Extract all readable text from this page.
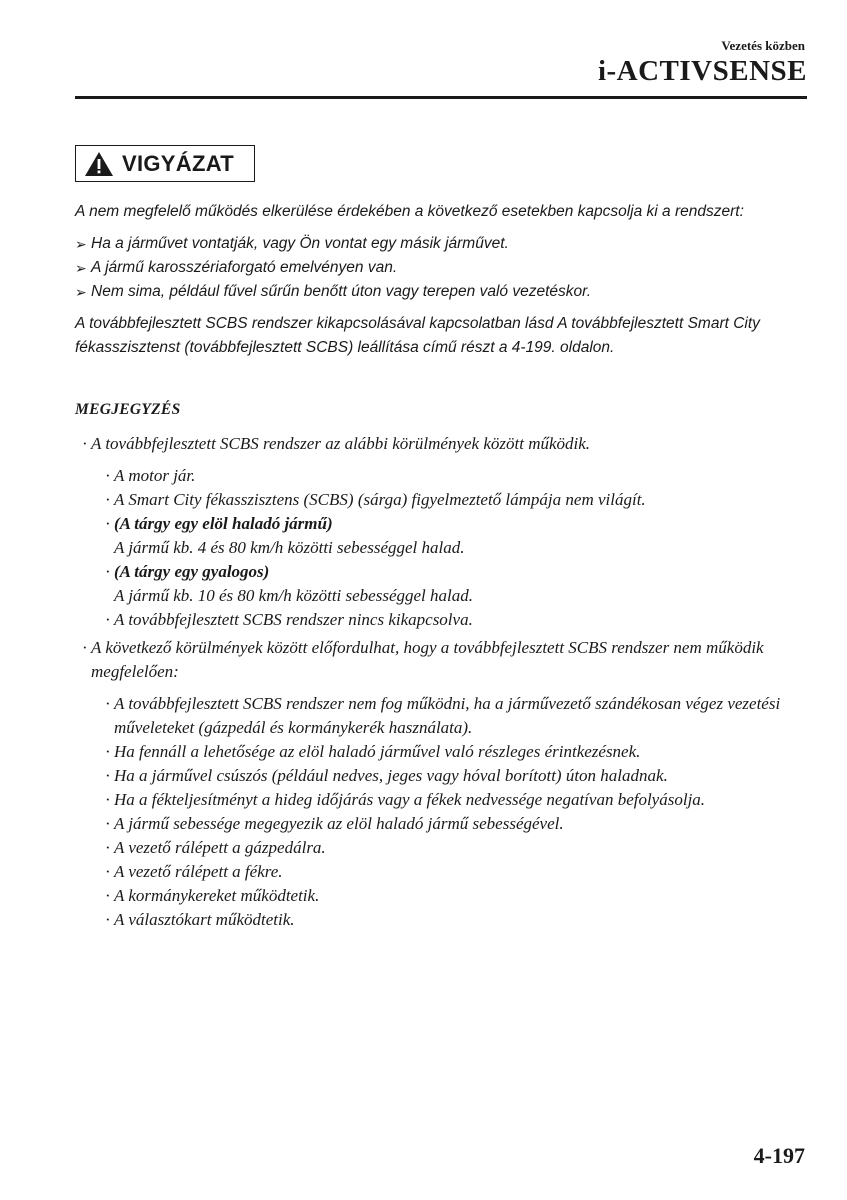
Vezetés közben
i-ACTIVSENSE
VIGYÁZAT

A nem megfelelő működés elkerülése érdekében a következő esetekben kapcsolja ki a rendszert:

➢ Ha a járművet vontatják, vagy Ön vontat egy másik járművet.
➢ A jármű karosszériaforgató emelvényen van.
➢ Nem sima, például fűvel sűrűn benőtt úton vagy terepen való vezetéskor.

A továbbfejlesztett SCBS rendszer kikapcsolásával kapcsolatban lásd A továbbfejlesztett Smart City fékasszisztenst (továbbfejlesztett SCBS) leállítása című részt a 4-199. oldalon.

MEGJEGYZÉS

· A továbbfejlesztett SCBS rendszer az alábbi körülmények között működik.
· A motor jár.
· A Smart City fékasszisztens (SCBS) (sárga) figyelmeztető lámpája nem világít.
· (A tárgy egy elöl haladó jármű)
A jármű kb. 4 és 80 km/h közötti sebességgel halad.
· (A tárgy egy gyalogos)
A jármű kb. 10 és 80 km/h közötti sebességgel halad.
· A továbbfejlesztett SCBS rendszer nincs kikapcsolva.
· A következő körülmények között előfordulhat, hogy a továbbfejlesztett SCBS rendszer nem működik megfelelően:
· A továbbfejlesztett SCBS rendszer nem fog működni, ha a járművezető szándékosan végez vezetési műveleteket (gázpedál és kormánykerék használata).
· Ha fennáll a lehetősége az elöl haladó járművel való részleges érintkezésnek.
· Ha a járművel csúszós (például nedves, jeges vagy hóval borított) úton haladnak.
· Ha a fékteljesítményt a hideg időjárás vagy a fékek nedvessége negatívan befolyásolja.
· A jármű sebessége megegyezik az elöl haladó jármű sebességével.
· A vezető rálépett a gázpedálra.
· A vezető rálépett a fékre.
· A kormánykereket működtetik.
· A választókart működtetik.
4-197
